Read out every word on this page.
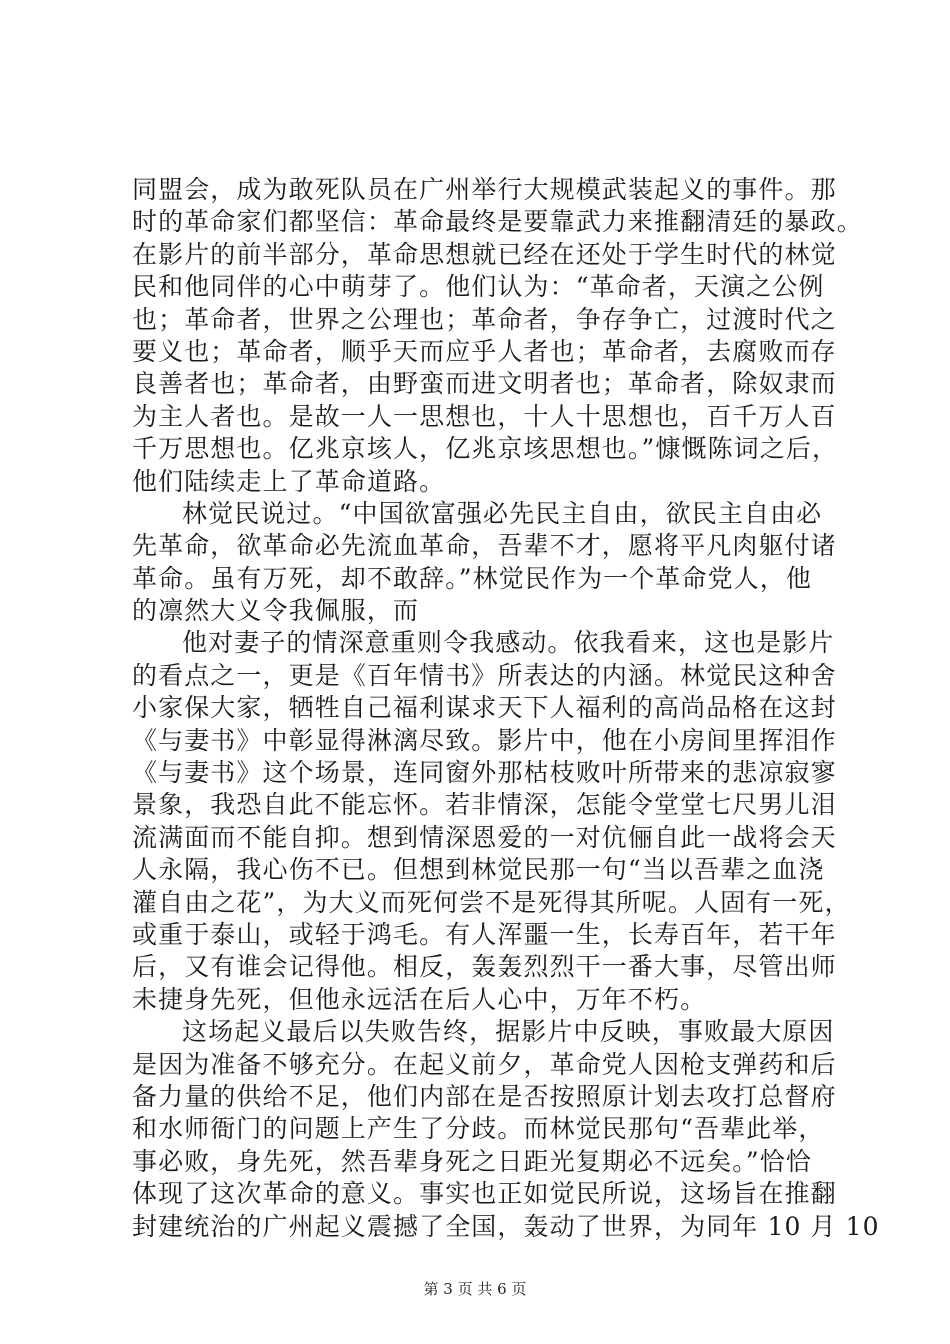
同盟会，成为敢死队员在广州举行大规模武装起义的事件。那
时的革命家们都坚信：革命最终是要靠武力来推翻清廷的暴政。
在影片的前半部分，革命思想就已经在还处于学生时代的林觉
民和他同伴的心中萌芽了。他们认为：“革命者，天演之公例
也；革命者，世界之公理也；革命者，争存争亡，过渡时代之
要义也；革命者，顺乎天而应乎人者也；革命者，去腐败而存
良善者也；革命者，由野蛮而进文明者也；革命者，除奴隶而
为主人者也。是故一人一思想也，十人十思想也，百千万人百
千万思想也。亿兆京垓人，亿兆京垓思想也。”慷慨陈词之后，
他们陆续走上了革命道路。
林觉民说过。“中国欲富强必先民主自由，欲民主自由必
先革命，欲革命必先流血革命，吾辈不才，愿将平凡肉躯付诸
革命。虽有万死，却不敢辞。”林觉民作为一个革命党人，他
的凛然大义令我佩服，而
他对妻子的情深意重则令我感动。依我看来，这也是影片
的看点之一，更是《百年情书》所表达的内涵。林觉民这种舍
小家保大家，牺牲自己福利谋求天下人福利的高尚品格在这封
《与妻书》中彰显得淋漓尽致。影片中，他在小房间里挥泪作
《与妻书》这个场景，连同窗外那枯枝败叶所带来的悲凉寂寥
景象，我恐自此不能忘怀。若非情深，怎能令堂堂七尺男儿泪
流满面而不能自抑。想到情深恩爱的一对伉俪自此一战将会天
人永隔，我心伤不已。但想到林觉民那一句“当以吾辈之血浇
灌自由之花”，为大义而死何尝不是死得其所呢。人固有一死，
或重于泰山，或轻于鸿毛。有人浑噩一生，长寿百年，若干年
后，又有谁会记得他。相反，轰轰烈烈干一番大事，尽管出师
未捷身先死，但他永远活在后人心中，万年不朽。
这场起义最后以失败告终，据影片中反映，事败最大原因
是因为准备不够充分。在起义前夕，革命党人因枪支弹药和后
备力量的供给不足，他们内部在是否按照原计划去攻打总督府
和水师衙门的问题上产生了分歧。而林觉民那句“吾辈此举，
事必败，身先死，然吾辈身死之日距光复期必不远矣。”恰恰
体现了这次革命的意义。事实也正如觉民所说，这场旨在推翻
封建统治的广州起义震撼了全国，轰动了世界，为同年 10 月 10
第 3 页 共 6 页
